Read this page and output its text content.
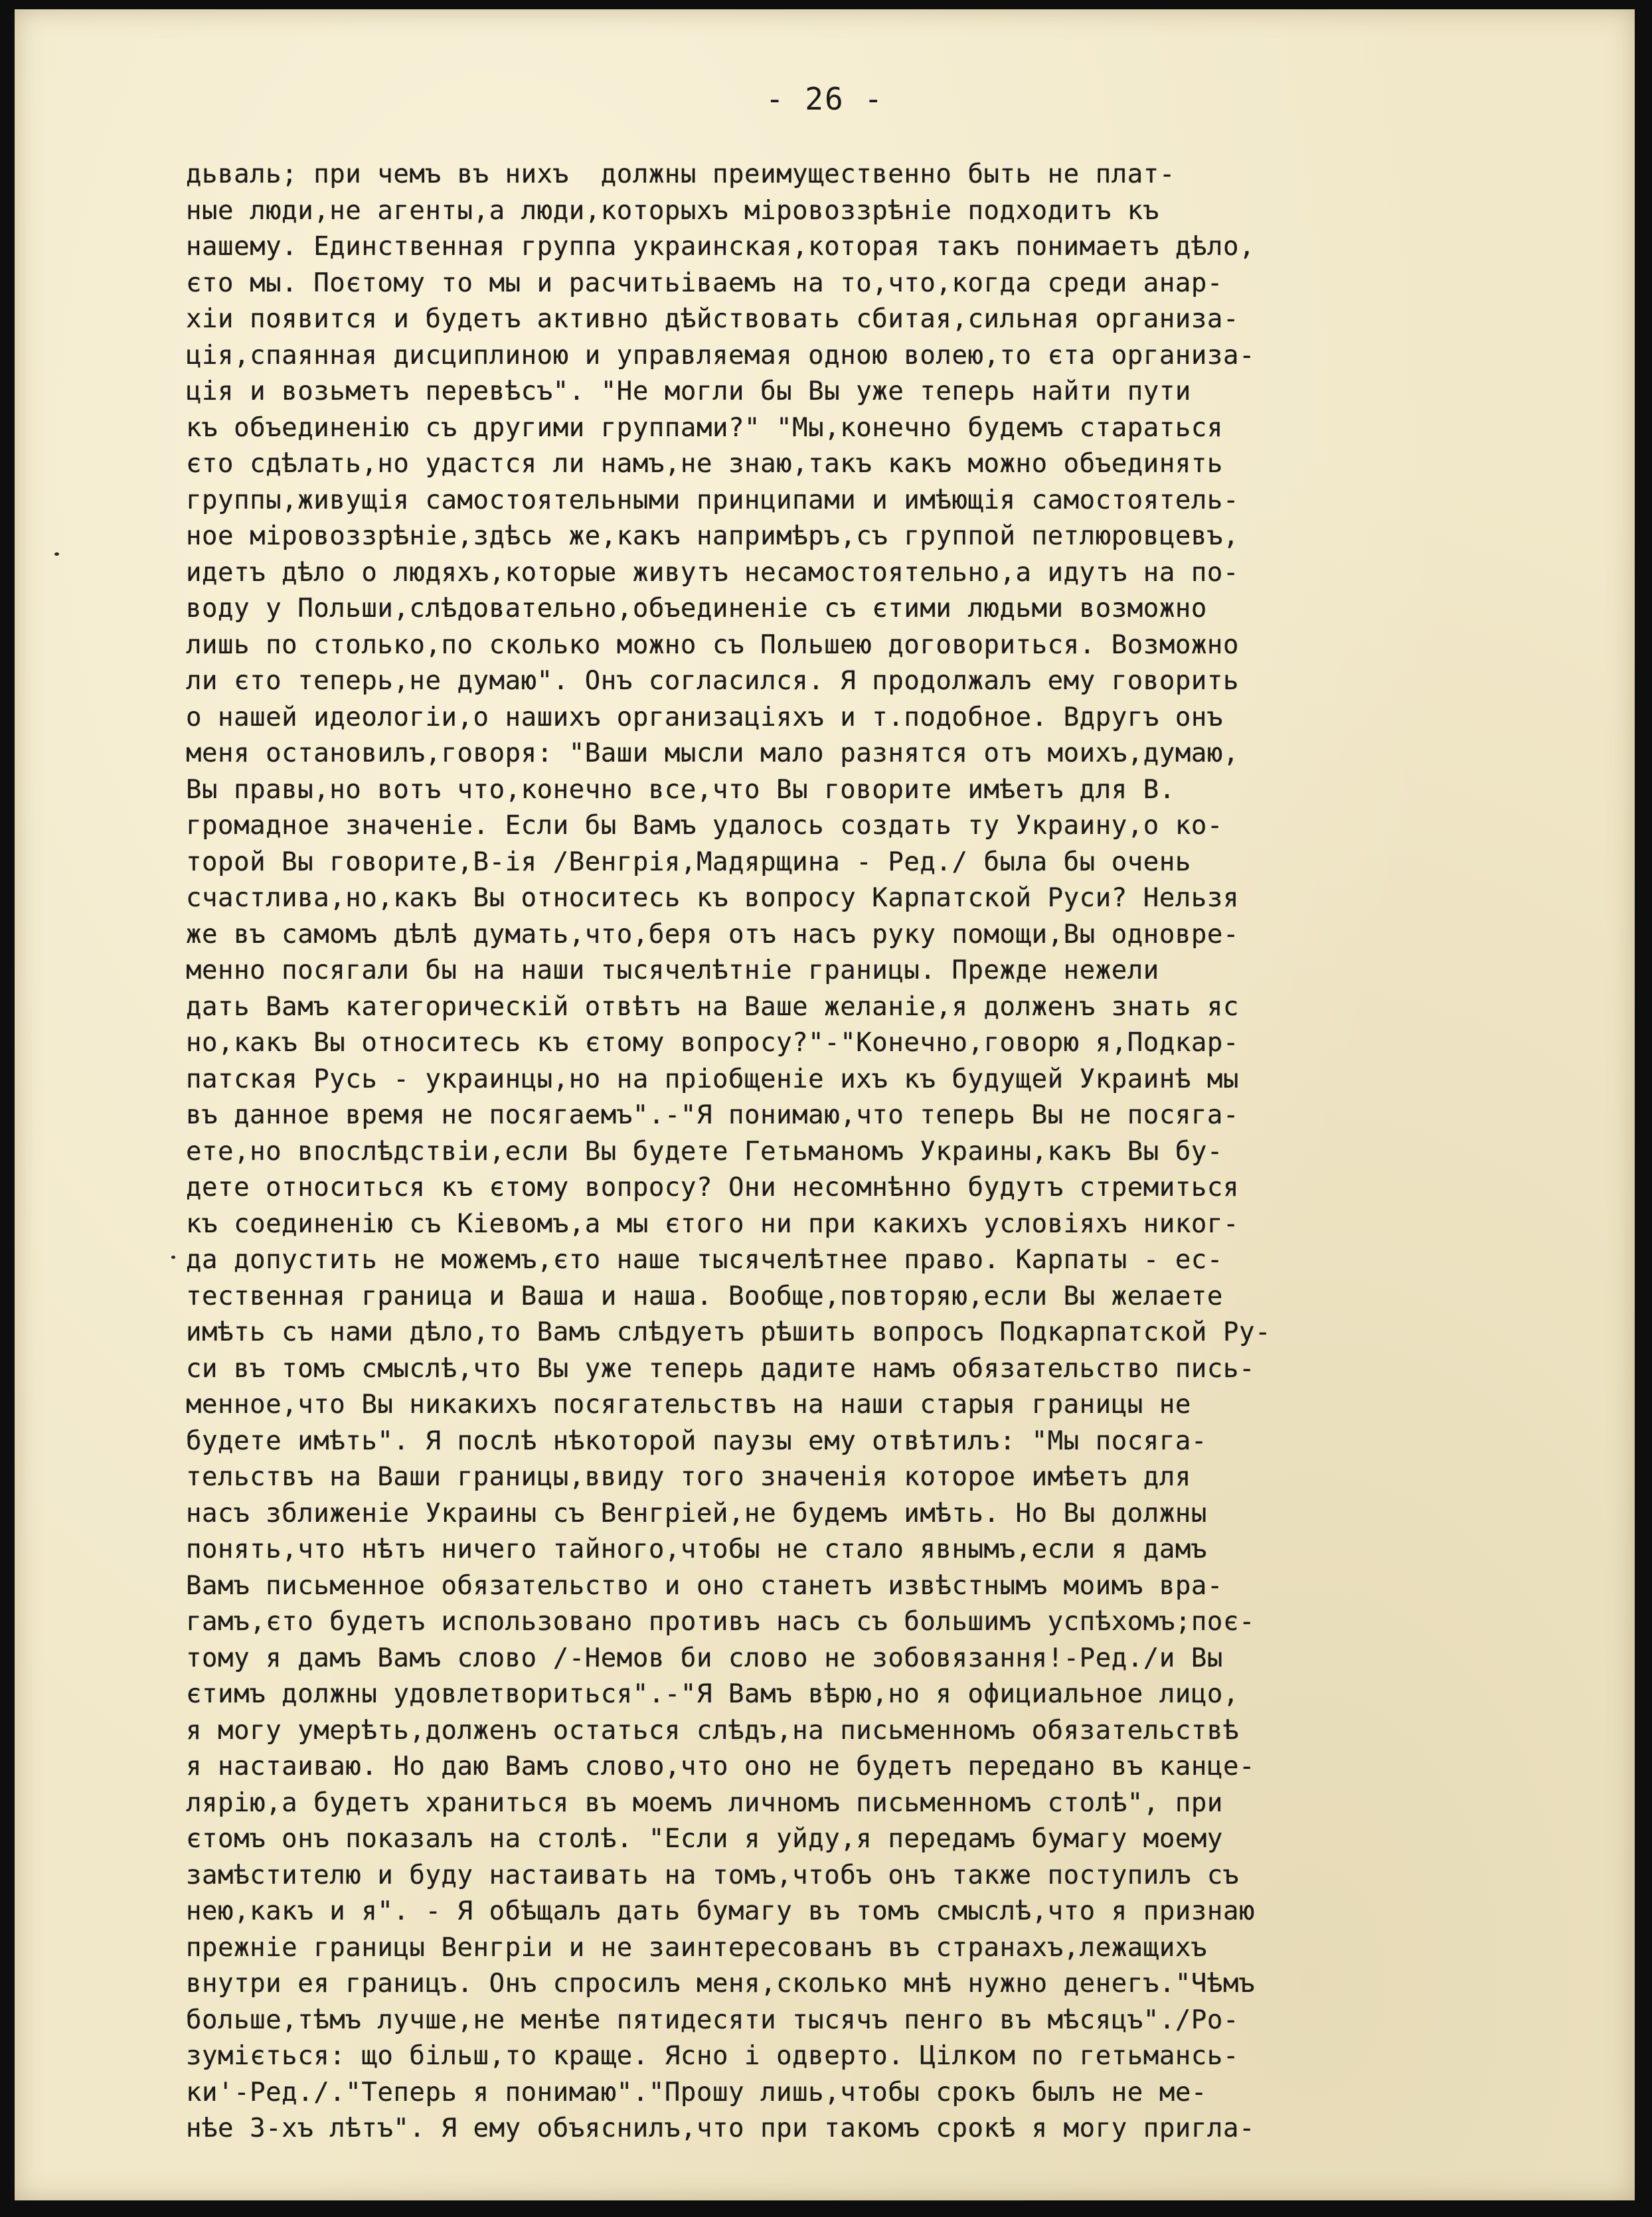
- 26 -
дьваль; при чемъ въ нихъ  должны преимущественно быть не плат-
ные люди,не агенты,а люди,которыхъ міровоззрѣніе подходитъ къ
нашему. Единственная группа украинская,которая такъ понимаетъ дѣло,
єто мы. Поєтому то мы и расчитьіваемъ на то,что,когда среди анар-
хіи появится и будетъ активно дѣйствовать сбитая,сильная организа-
ція,спаянная дисциплиною и управляемая одною волею,то єта организа-
ція и возьметъ перевѣсъ". "Не могли бы Вы уже теперь найти пути
къ объединенію съ другими группами?" "Мы,конечно будемъ стараться
єто сдѣлать,но удастся ли намъ,не знаю,такъ какъ можно объединять
группы,живущія самостоятельными принципами и имѣющія самостоятель-
ное міровоззрѣніе,здѣсь же,какъ напримѣръ,съ группой петлюровцевъ,
идетъ дѣло о людяхъ,которые живутъ несамостоятельно,а идутъ на по-
воду у Польши,слѣдовательно,объединеніе съ єтими людьми возможно
лишь по столько,по сколько можно съ Польшею договориться. Возможно
ли єто теперь,не думаю". Онъ согласился. Я продолжалъ ему говорить
о нашей идеологіи,о нашихъ организаціяхъ и т.подобное. Вдругъ онъ
меня остановилъ,говоря: "Ваши мысли мало разнятся отъ моихъ,думаю,
Вы правы,но вотъ что,конечно все,что Вы говорите имѣетъ для В.
громадное значеніе. Если бы Вамъ удалось создать ту Украину,о ко-
торой Вы говорите,В-ія /Венгрія,Мадярщина - Ред./ была бы очень
счастлива,но,какъ Вы относитесь къ вопросу Карпатской Руси? Нельзя
же въ самомъ дѣлѣ думать,что,беря отъ насъ руку помощи,Вы одновре-
менно посягали бы на наши тысячелѣтніе границы. Прежде нежели
дать Вамъ категорическій отвѣтъ на Ваше желаніе,я долженъ знать яс
но,какъ Вы относитесь къ єтому вопросу?"-"Конечно,говорю я,Подкар-
патская Русь - украинцы,но на пріобщеніе ихъ къ будущей Украинѣ мы
въ данное время не посягаемъ".-"Я понимаю,что теперь Вы не посяга-
ете,но впослѣдствіи,если Вы будете Гетьманомъ Украины,какъ Вы бу-
дете относиться къ єтому вопросу? Они несомнѣнно будутъ стремиться
къ соединенію съ Кіевомъ,а мы єтого ни при какихъ условіяхъ никог-
да допустить не можемъ,єто наше тысячелѣтнее право. Карпаты - ес-
тественная граница и Ваша и наша. Вообще,повторяю,если Вы желаете
имѣть съ нами дѣло,то Вамъ слѣдуетъ рѣшить вопросъ Подкарпатской Ру-
си въ томъ смыслѣ,что Вы уже теперь дадите намъ обязательство пись-
менное,что Вы никакихъ посягательствъ на наши старыя границы не
будете имѣть". Я послѣ нѣкоторой паузы ему отвѣтилъ: "Мы посяга-
тельствъ на Ваши границы,ввиду того значенія которое имѣетъ для
насъ зближеніе Украины съ Венгріей,не будемъ имѣть. Но Вы должны
понять,что нѣтъ ничего тайного,чтобы не стало явнымъ,если я дамъ
Вамъ письменное обязательство и оно станетъ извѣстнымъ моимъ вра-
гамъ,єто будетъ использовано противъ насъ съ большимъ успѣхомъ;поє-
тому я дамъ Вамъ слово /-Немов би слово не зобовязання!-Ред./и Вы
єтимъ должны удовлетвориться".-"Я Вамъ вѣрю,но я официальное лицо,
я могу умерѣть,долженъ остаться слѣдъ,на письменномъ обязательствѣ
я настаиваю. Но даю Вамъ слово,что оно не будетъ передано въ канце-
лярію,а будетъ храниться въ моемъ личномъ письменномъ столѣ", при
єтомъ онъ показалъ на столѣ. "Если я уйду,я передамъ бумагу моему
замѣстителю и буду настаивать на томъ,чтобъ онъ также поступилъ съ
нею,какъ и я". - Я обѣщалъ дать бумагу въ томъ смыслѣ,что я признаю
прежніе границы Венгріи и не заинтересованъ въ странахъ,лежащихъ
внутри ея границъ. Онъ спросилъ меня,сколько мнѣ нужно денегъ."Чѣмъ
больше,тѣмъ лучше,не менѣе пятидесяти тысячъ пенго въ мѣсяцъ"./Ро-
зумієтьcя: що більш,то краще. Ясно і одверто. Цілком по гетьмансь-
ки'-Ред./."Теперь я понимаю"."Прошу лишь,чтобы срокъ былъ не ме-
нѣе 3-хъ лѣтъ". Я ему объяснилъ,что при такомъ срокѣ я могу пригла-
